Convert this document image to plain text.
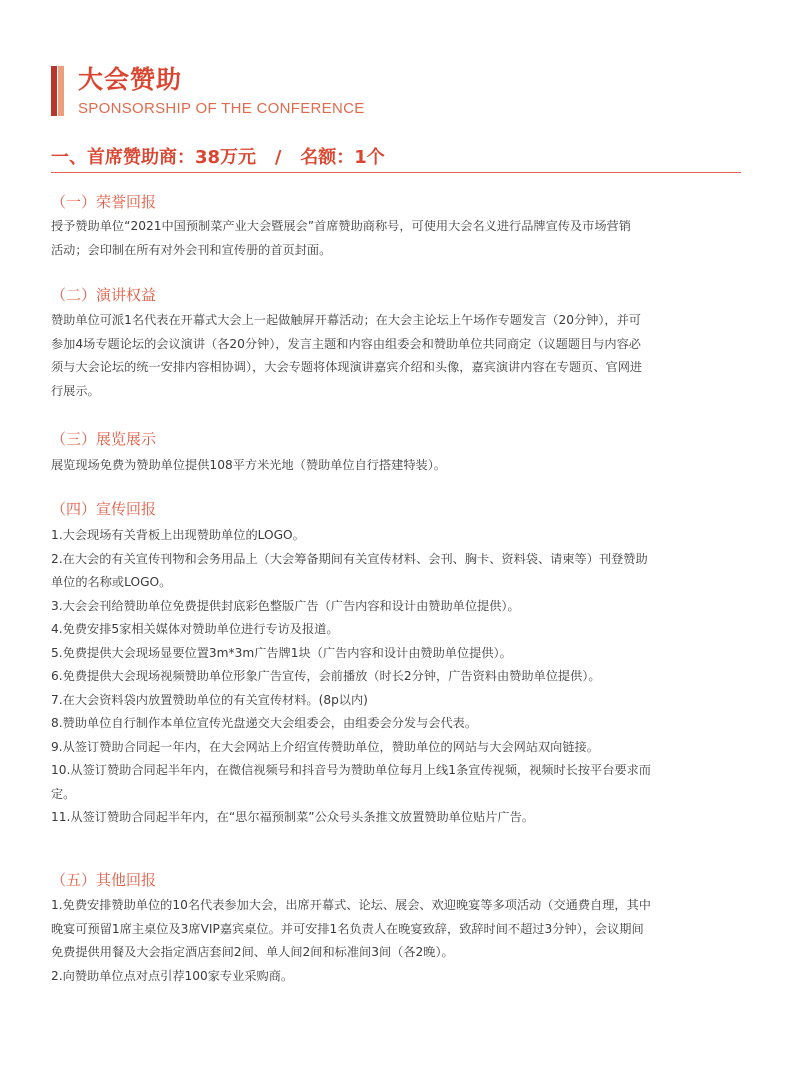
大会赞助
SPONSORSHIP OF THE CONFERENCE
一、首席赞助商：38万元   /   名额：1个
（一）荣誉回报

授予赞助单位“2021中国预制菜产业大会暨展会”首席赞助商称号，可使用大会名义进行品牌宣传及市场营销

活动；会印制在所有对外会刊和宣传册的首页封面。

（二）演讲权益

赞助单位可派1名代表在开幕式大会上一起做触屏开幕活动；在大会主论坛上午场作专题发言（20分钟），并可

参加4场专题论坛的会议演讲（各20分钟），发言主题和内容由组委会和赞助单位共同商定（议题题目与内容必

须与大会论坛的统一安排内容相协调），大会专题将体现演讲嘉宾介绍和头像，嘉宾演讲内容在专题页、官网进

行展示。

（三）展览展示

展览现场免费为赞助单位提供108平方米光地（赞助单位自行搭建特装）。

（四）宣传回报

1.大会现场有关背板上出现赞助单位的LOGO。

2.在大会的有关宣传刊物和会务用品上（大会筹备期间有关宣传材料、会刊、胸卡、资料袋、请柬等）刊登赞助

单位的名称或LOGO。

3.大会会刊给赞助单位免费提供封底彩色整版广告（广告内容和设计由赞助单位提供）。

4.免费安排5家相关媒体对赞助单位进行专访及报道。

5.免费提供大会现场显要位置3m*3m广告牌1块（广告内容和设计由赞助单位提供）。

6.免费提供大会现场视频赞助单位形象广告宣传，会前播放（时长2分钟，广告资料由赞助单位提供）。

7.在大会资料袋内放置赞助单位的有关宣传材料。(8p以内)

8.赞助单位自行制作本单位宣传光盘递交大会组委会，由组委会分发与会代表。

9.从签订赞助合同起一年内，在大会网站上介绍宣传赞助单位，赞助单位的网站与大会网站双向链接。

10.从签订赞助合同起半年内，在微信视频号和抖音号为赞助单位每月上线1条宣传视频，视频时长按平台要求而

定。

11.从签订赞助合同起半年内，在“思尔福预制菜”公众号头条推文放置赞助单位贴片广告。

（五）其他回报

1.免费安排赞助单位的10名代表参加大会，出席开幕式、论坛、展会、欢迎晚宴等多项活动（交通费自理，其中

晚宴可预留1席主桌位及3席VIP嘉宾桌位。并可安排1名负责人在晚宴致辞，致辞时间不超过3分钟），会议期间

免费提供用餐及大会指定酒店套间2间、单人间2间和标准间3间（各2晚）。

2.向赞助单位点对点引荐100家专业采购商。
